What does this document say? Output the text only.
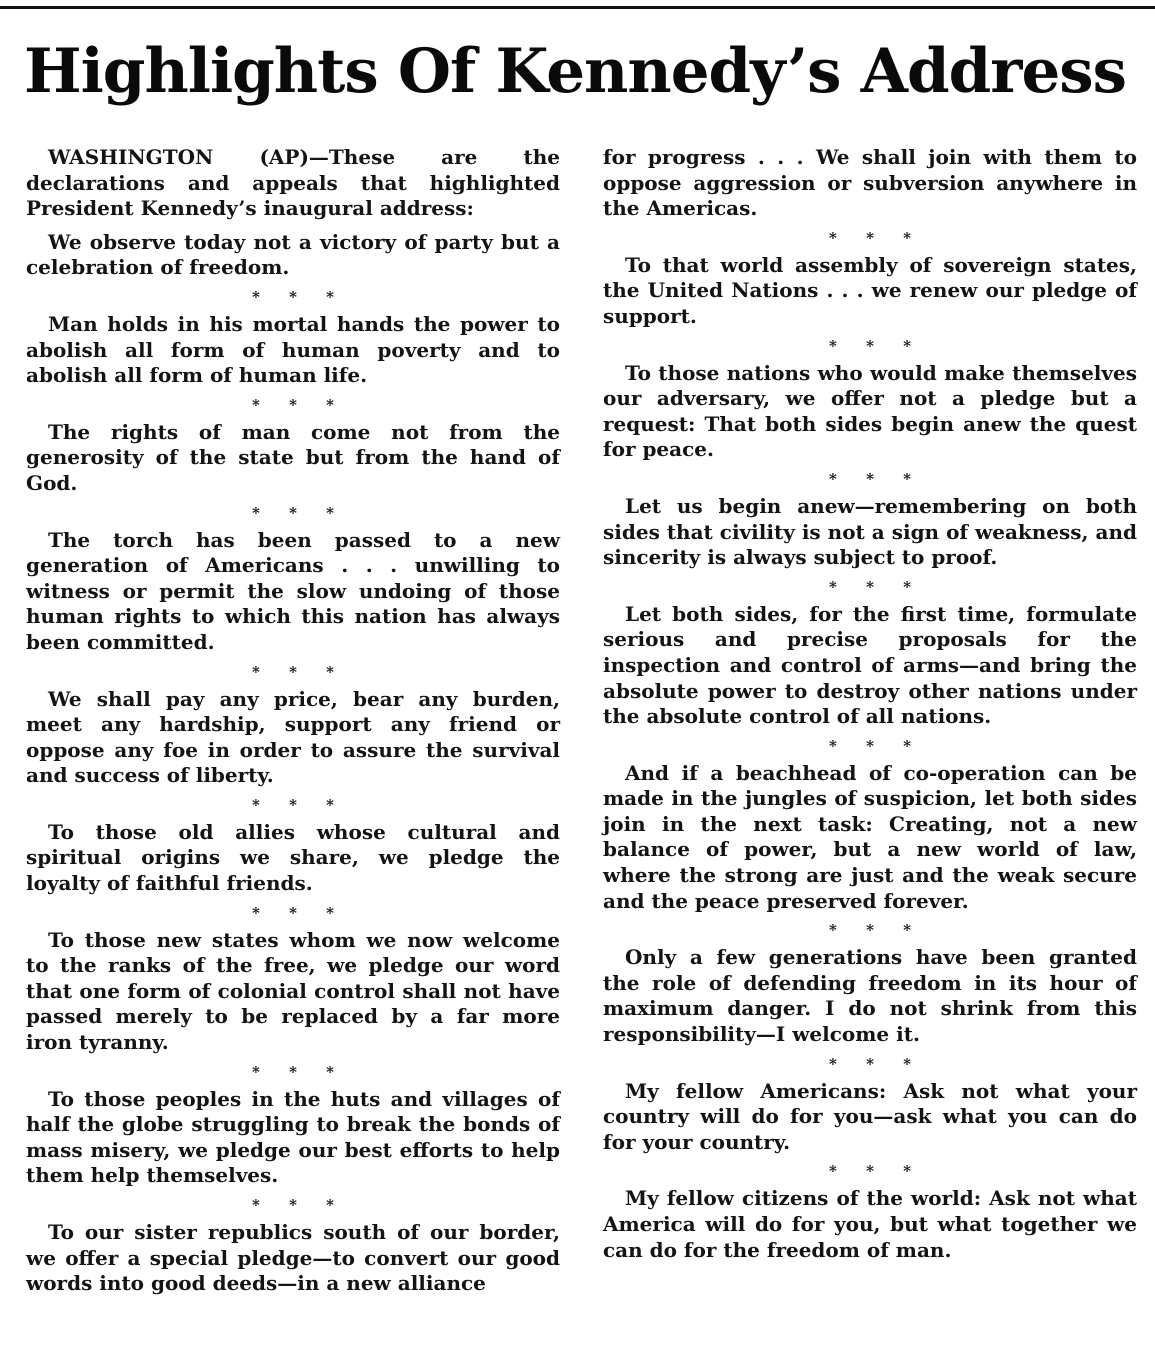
Highlights Of Kennedy’s Address

WASHINGTON (AP)—These are the declarations and appeals that highlighted President Kennedy’s inaugural address:

We observe today not a victory of party but a celebration of freedom.

* * *

Man holds in his mortal hands the power to abolish all form of human poverty and to abolish all form of human life.

* * *

The rights of man come not from the generosity of the state but from the hand of God.

* * *

The torch has been passed to a new generation of Americans . . . unwilling to witness or permit the slow undoing of those human rights to which this nation has always been committed.

* * *

We shall pay any price, bear any burden, meet any hardship, support any friend or oppose any foe in order to assure the survival and success of liberty.

* * *

To those old allies whose cultural and spiritual origins we share, we pledge the loyalty of faithful friends.

* * *

To those new states whom we now welcome to the ranks of the free, we pledge our word that one form of colonial control shall not have passed merely to be replaced by a far more iron tyranny.

* * *

To those peoples in the huts and villages of half the globe struggling to break the bonds of mass misery, we pledge our best efforts to help them help themselves.

* * *

To our sister republics south of our border, we offer a special pledge—to convert our good words into good deeds—in a new alliance

for progress . . . We shall join with them to oppose aggression or subversion anywhere in the Americas.

* * *

To that world assembly of sovereign states, the United Nations . . . we renew our pledge of support.

* * *

To those nations who would make themselves our adversary, we offer not a pledge but a request: That both sides begin anew the quest for peace.

* * *

Let us begin anew—remembering on both sides that civility is not a sign of weakness, and sincerity is always subject to proof.

* * *

Let both sides, for the first time, formulate serious and precise proposals for the inspection and control of arms—and bring the absolute power to destroy other nations under the absolute control of all nations.

* * *

And if a beachhead of co-operation can be made in the jungles of suspicion, let both sides join in the next task: Creating, not a new balance of power, but a new world of law, where the strong are just and the weak secure and the peace preserved forever.

* * *

Only a few generations have been granted the role of defending freedom in its hour of maximum danger. I do not shrink from this responsibility—I welcome it.

* * *

My fellow Americans: Ask not what your country will do for you—ask what you can do for your country.

* * *

My fellow citizens of the world: Ask not what America will do for you, but what together we can do for the freedom of man.
